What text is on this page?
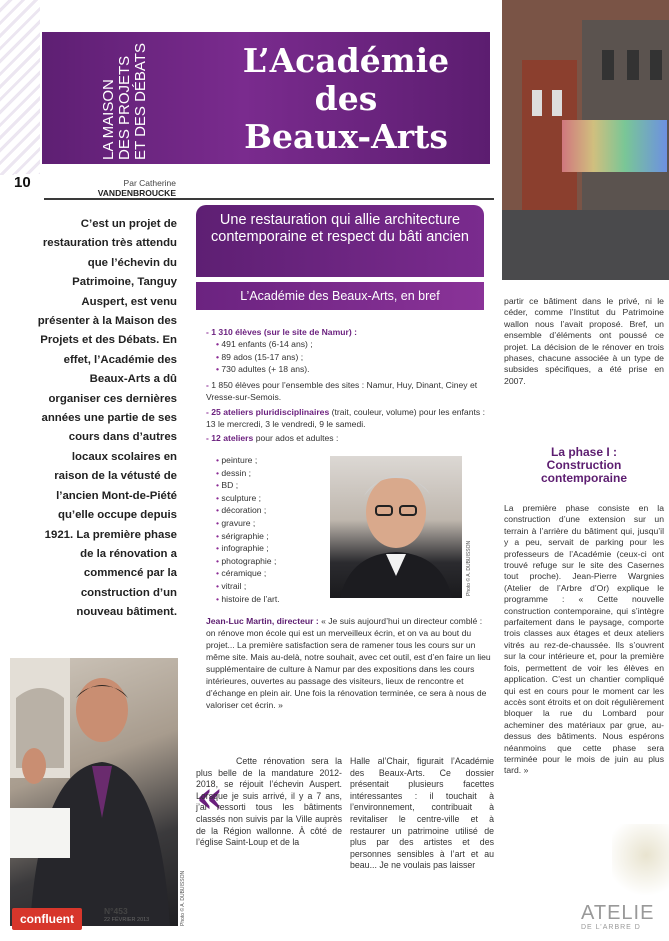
LA MAISON DES PROJETS ET DES DÉBATS	L’Académie
des
Beaux-Arts
10	Par Catherine
VANDENBROUCKE
C’est un projet de restauration très attendu que l’échevin du Patrimoine, Tanguy Auspert, est venu présenter à la Maison des Projets et des Débats. En effet, l’Académie des Beaux-Arts a dû organiser ces dernières années une partie de ses cours dans d’autres locaux scolaires en raison de la vétusté de l’ancien Mont-de-Piété qu’elle occupe depuis 1921. La première phase de la rénovation a commencé par la construction d’un nouveau bâtiment.
Une restauration qui allie architecture contemporaine et respect du bâti ancien
L’Académie des Beaux-Arts, en bref
- 1 310 élèves (sur le site de Namur) :
• 491 enfants (6-14 ans) ;
• 89 ados (15-17 ans) ;
• 730 adultes (+ 18 ans).
- 1 850 élèves pour l’ensemble des sites : Namur, Huy, Dinant, Ciney et Vresse-sur-Semois.
- 25 ateliers pluridisciplinaires (trait, couleur, volume) pour les enfants : 13 le mercredi, 3 le vendredi, 9 le samedi.
- 12 ateliers pour ados et adultes :
• peinture ;
• dessin ;
• BD ;
• sculpture ;
• décoration ;
• gravure ;
• sérigraphie ;
• infographie ;
• photographie ;
• céramique ;
• vitrail ;
• histoire de l’art.
Photo © A. DUBUISSON
Jean-Luc Martin, directeur : « Je suis aujourd’hui un directeur comblé : on rénove mon école qui est un merveilleux écrin, et on va au bout du projet... La première satisfaction sera de ramener tous les cours sur un même site. Mais au-delà, notre souhait, avec cet outil, est d’en faire un lieu supplémentaire de culture à Namur par des expositions dans les cours intérieures, ouvertes au passage des visiteurs, lieux de rencontre et d’échange en plein air. Une fois la rénovation terminée, ce sera à nous de valoriser cet écrin. »
partir ce bâtiment dans le privé, ni le céder, comme l’Institut du Patrimoine wallon nous l’avait proposé. Bref, un ensemble d’éléments ont poussé ce projet. La décision de le rénover en trois phases, chacune associée à un type de subsides spécifiques, a été prise en 2007.
La phase I :
Construction
contemporaine
La première phase consiste en la construction d’une extension sur un terrain à l’arrière du bâtiment qui, jusqu’il y a peu, servait de parking pour les professeurs de l’Académie (ceux-ci ont trouvé refuge sur le site des Casernes tout proche). Jean-Pierre Wargnies (Atelier de l’Arbre d’Or) explique le programme : « Cette nouvelle construction contemporaine, qui s’intègre parfaitement dans le paysage, comporte trois classes aux étages et deux ateliers vitrés au rez-de-chaussée. Ils s’ouvrent sur la cour intérieure et, pour la première fois, permettent de voir les élèves en application. C’est un chantier compliqué qui est en cours pour le moment car les accès sont étroits et on doit régulièrement bloquer la rue du Lombard pour acheminer des matériaux par grue, au-dessus des bâtiments. Nous espérons néanmoins que cette phase sera terminée pour le mois de juin au plus tard. »
Photo © A. DUBUISSON
«
Cette rénovation sera la plus belle de la mandature 2012-2018, se réjouit l’échevin Auspert. Lorsque je suis arrivé, il y a 7 ans, j’ai ressorti tous les bâtiments classés non suivis par la Ville auprès de la Région wallonne. À côté de l’église Saint-Loup et de la
Halle al’Chair, figurait l’Académie des Beaux-Arts. Ce dossier présentait plusieurs facettes intéressantes : il touchait à l’environnement, contribuait à revitaliser le centre-ville et à restaurer un patrimoine utilisé de plus par des artistes et des personnes sensibles à l’art et au beau... Je ne voulais pas laisser
confluent
N°453
22 FÉVRIER 2013	ATELIE
DE L’ARBRE D
